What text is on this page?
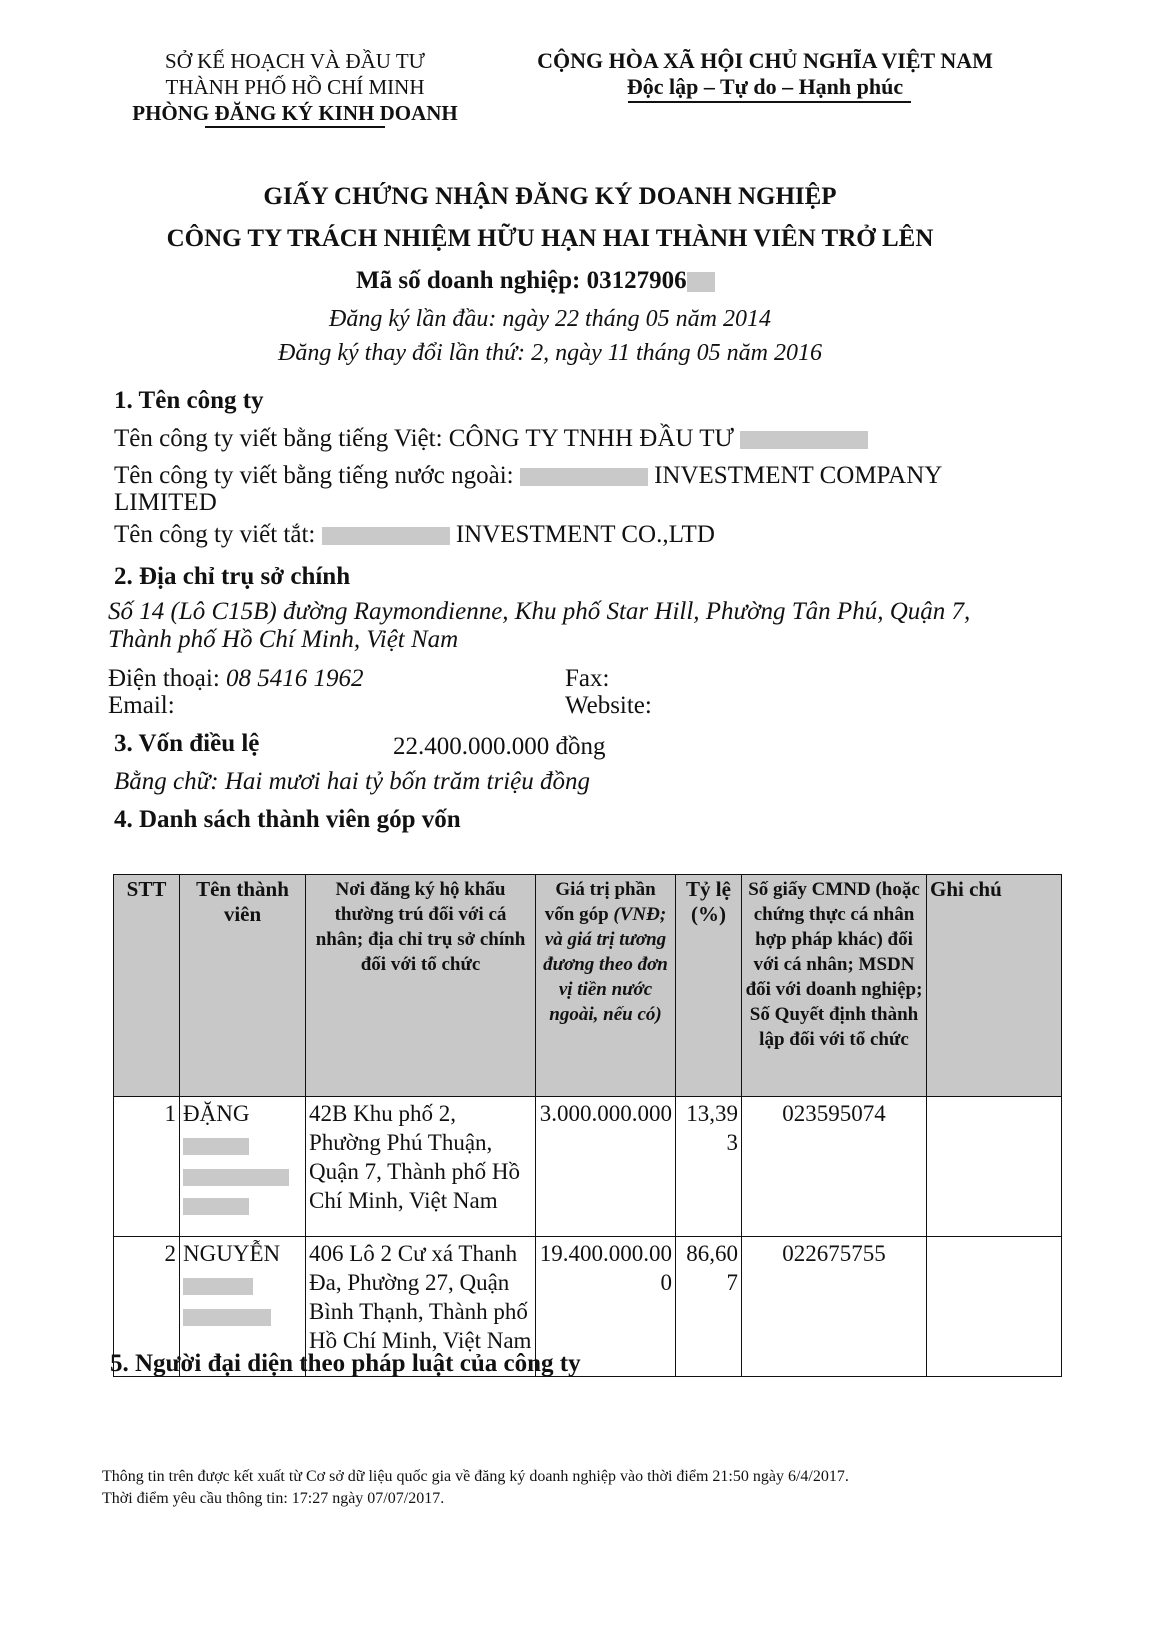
SỞ KẾ HOẠCH VÀ ĐẦU TƯ
THÀNH PHỐ HỒ CHÍ MINH
PHÒNG ĐĂNG KÝ KINH DOANH
CỘNG HÒA XÃ HỘI CHỦ NGHĨA VIỆT NAM
Độc lập – Tự do – Hạnh phúc
GIẤY CHỨNG NHẬN ĐĂNG KÝ DOANH NGHIỆP
CÔNG TY TRÁCH NHIỆM HỮU HẠN HAI THÀNH VIÊN TRỞ LÊN
Mã số doanh nghiệp: 03127906
Đăng ký lần đầu: ngày 22 tháng 05 năm 2014
Đăng ký thay đổi lần thứ: 2, ngày 11 tháng 05 năm 2016
1. Tên công ty
Tên công ty viết bằng tiếng Việt: CÔNG TY TNHH ĐẦU TƯ
Tên công ty viết bằng tiếng nước ngoài:	INVESTMENT COMPANY
LIMITED
Tên công ty viết tắt:	INVESTMENT CO.,LTD
2. Địa chỉ trụ sở chính
Số 14 (Lô C15B) đường Raymondienne, Khu phố Star Hill, Phường Tân Phú, Quận 7,
Thành phố Hồ Chí Minh, Việt Nam
Điện thoại: 08 5416 1962	Fax:
Email:	Website:
3. Vốn điều lệ	22.400.000.000 đồng
Bằng chữ: Hai mươi hai tỷ bốn trăm triệu đồng
4. Danh sách thành viên góp vốn
STT	Tên thành viên	Nơi đăng ký hộ khẩu thường trú đối với cá nhân; địa chỉ trụ sở chính đối với tổ chức	Giá trị phần vốn góp (VNĐ; và giá trị tương đương theo đơn vị tiền nước ngoài, nếu có)	Tỷ lệ (%)	Số giấy CMND (hoặc chứng thực cá nhân hợp pháp khác) đối với cá nhân; MSDN đối với doanh nghiệp; Số Quyết định thành lập đối với tổ chức	Ghi chú
1	ĐẶNG	42B Khu phố 2, Phường Phú Thuận, Quận 7, Thành phố Hồ Chí Minh, Việt Nam	3.000.000.000	13,393	023595074	
2	NGUYỄN	406 Lô 2 Cư xá Thanh Đa, Phường 27, Quận Bình Thạnh, Thành phố Hồ Chí Minh, Việt Nam	19.400.000.000	86,607	022675755	
5. Người đại diện theo pháp luật của công ty
Thông tin trên được kết xuất từ Cơ sở dữ liệu quốc gia về đăng ký doanh nghiệp vào thời điểm 21:50 ngày 6/4/2017.
Thời điểm yêu cầu thông tin: 17:27 ngày 07/07/2017.
